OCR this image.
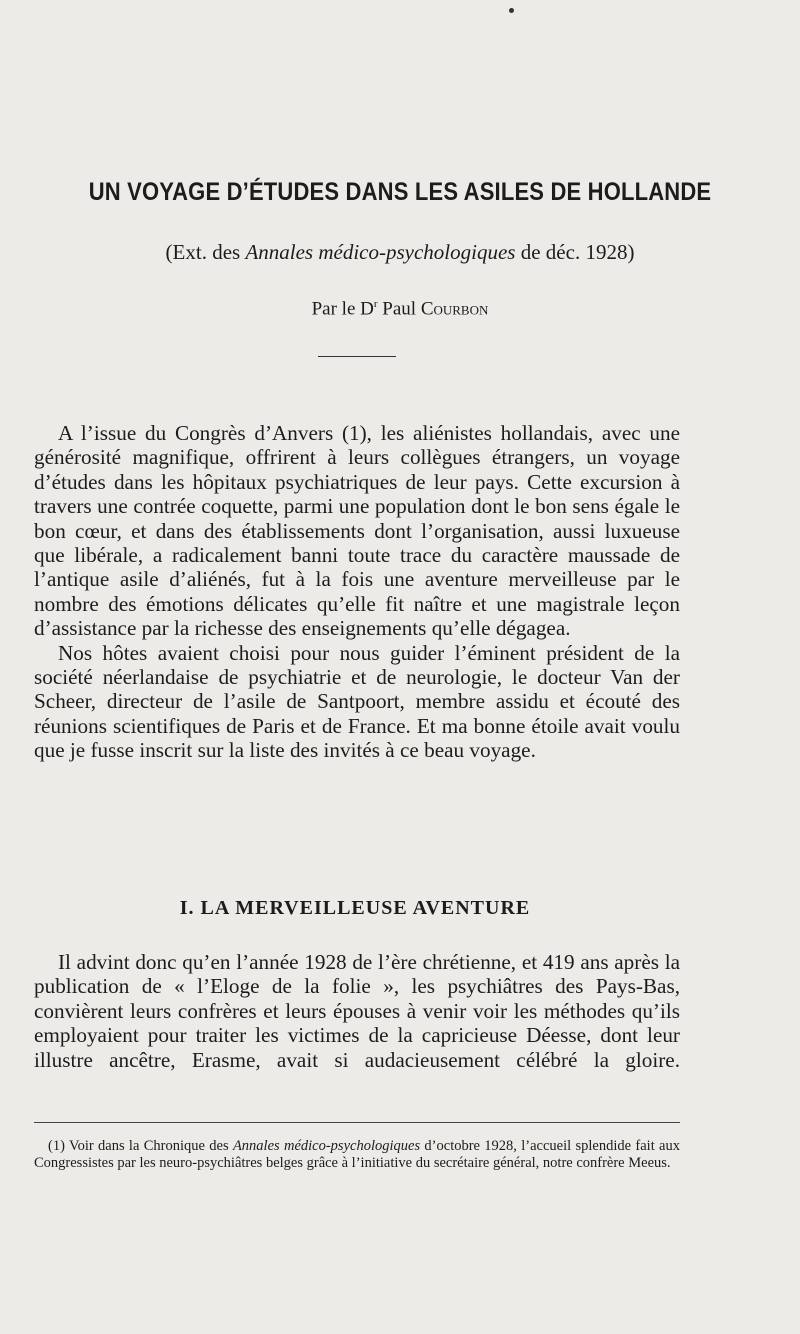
UN VOYAGE D’ÉTUDES DANS LES ASILES DE HOLLANDE
(Ext. des Annales médico-psychologiques de déc. 1928)
Par le $D^r$ Paul Courbon

A l’issue du Congrès d’Anvers (1), les aliénistes hollandais, avec une générosité magnifique, offrirent à leurs collègues étrangers, un voyage d’études dans les hôpitaux psychiatriques de leur pays. Cette excursion à travers une contrée coquette, parmi une population dont le bon sens égale le bon cœur, et dans des établissements dont l’organisation, aussi luxueuse que libérale, a radicalement banni toute trace du caractère maussade de l’antique asile d’aliénés, fut à la fois une aventure merveilleuse par le nombre des émotions délicates qu’elle fit naître et une magistrale leçon d’assistance par la richesse des enseignements qu’elle dégagea.

Nos hôtes avaient choisi pour nous guider l’éminent président de la société néerlandaise de psychiatrie et de neurologie, le docteur Van der Scheer, directeur de l’asile de Santpoort, membre assidu et écouté des réunions scientifiques de Paris et de France. Et ma bonne étoile avait voulu que je fusse inscrit sur la liste des invités à ce beau voyage.

I. LA MERVEILLEUSE AVENTURE

Il advint donc qu’en l’année 1928 de l’ère chrétienne, et 419 ans après la publication de « l’Eloge de la folie », les psychiâtres des Pays-Bas, convièrent leurs confrères et leurs épouses à venir voir les méthodes qu’ils employaient pour traiter les victimes de la capricieuse Déesse, dont leur illustre ancêtre, Erasme, avait si audacieusement célébré la gloire.

(1) Voir dans la Chronique des Annales médico-psychologiques d’octobre 1928, l’accueil splendide fait aux Congressistes par les neuro-psychiâtres belges grâce à l’initiative du secrétaire général, notre confrère Meeus.
